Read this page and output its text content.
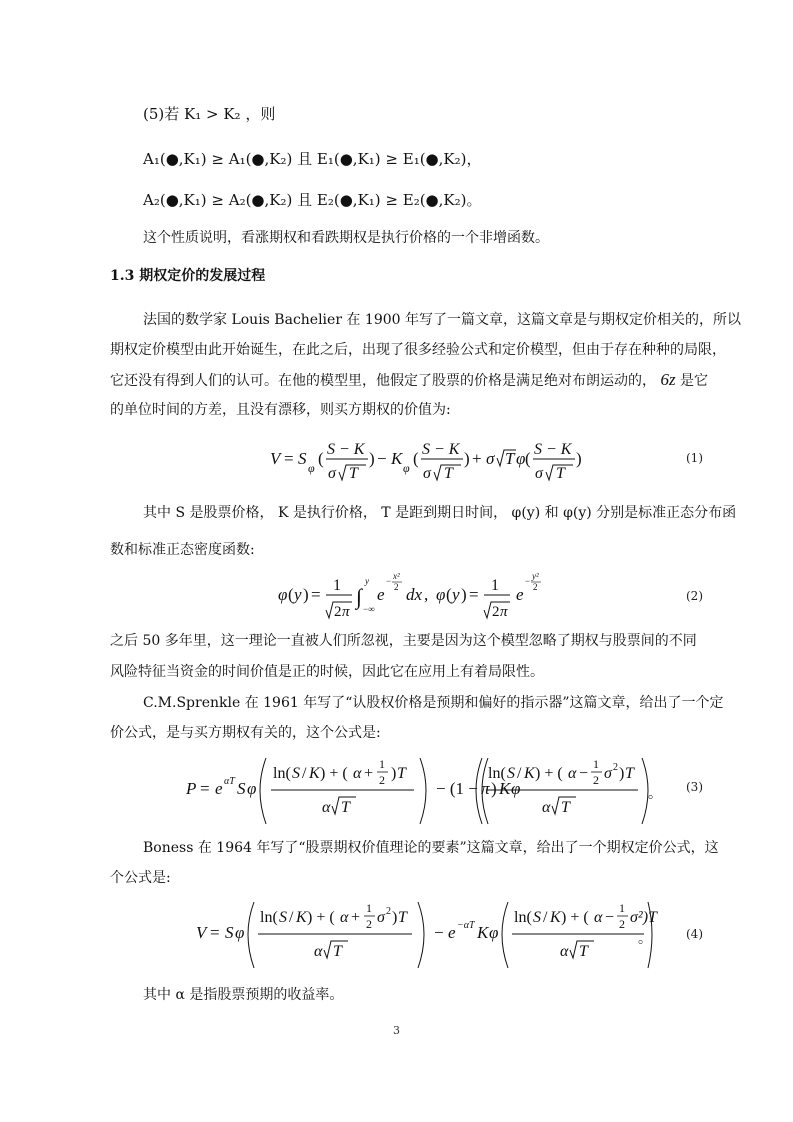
(5)若 K₁ > K₂ ，则
A₁(●,K₁) ≥ A₁(●,K₂) 且 E₁(●,K₁) ≥ E₁(●,K₂)，
A₂(●,K₁) ≥ A₂(●,K₂) 且 E₂(●,K₁) ≥ E₂(●,K₂)。
这个性质说明，看涨期权和看跌期权是执行价格的一个非增函数。
1.3 期权定价的发展过程
法国的数学家 Louis Bachelier 在 1900 年写了一篇文章，这篇文章是与期权定价相关的，所以
期权定价模型由此开始诞生，在此之后，出现了很多经验公式和定价模型，但由于存在种种的局限，
它还没有得到人们的认可。在他的模型里，他假定了股票的价格是满足绝对布朗运动的， 6z 是它
的单位时间的方差，且没有漂移，则买方期权的价值为:
V = S φ ( S − K
σ T
) − K φ ( S − K
σ T
) + σ T φ ( S − K
σ T
)	(1)
其中 S 是股票价格， K 是执行价格， T 是距到期日时间， φ(y) 和 φ(y) 分别是标准正态分布函
数和标准正态密度函数:
φ ( y ) = 1
2 π
∫
y
−∞
e
− x²
2 dx , φ ( y ) = 1
2 π
e
− y²
2
(2)
之后 50 多年里，这一理论一直被人们所忽视，主要是因为这个模型忽略了期权与股票间的不同
风险特征当资金的时间价值是正的时候，因此它在应用上有着局限性。
C.M.Sprenkle 在 1961 年写了“认股权价格是预期和偏好的指示器”这篇文章，给出了一个定
价公式，是与买方期权有关的，这个公式是:
P = e αT S φ
ln( S / K ) + ( α +
1
2 ) T
α T
− (1 − π ) K φ
ln( S / K ) + ( α −
1
2 σ 2 ) T
α T
。 (3)
Boness 在 1964 年写了“股票期权价值理论的要素”这篇文章，给出了一个期权定价公式，这
个公式是:
V = S φ
ln( S / K ) + ( α +
1
2 σ 2 ) T
α T
− e −αT K φ
ln( S / K ) + ( α −
1
2 σ²)T
α T
。	(4)
其中 α 是指股票预期的收益率。
3
